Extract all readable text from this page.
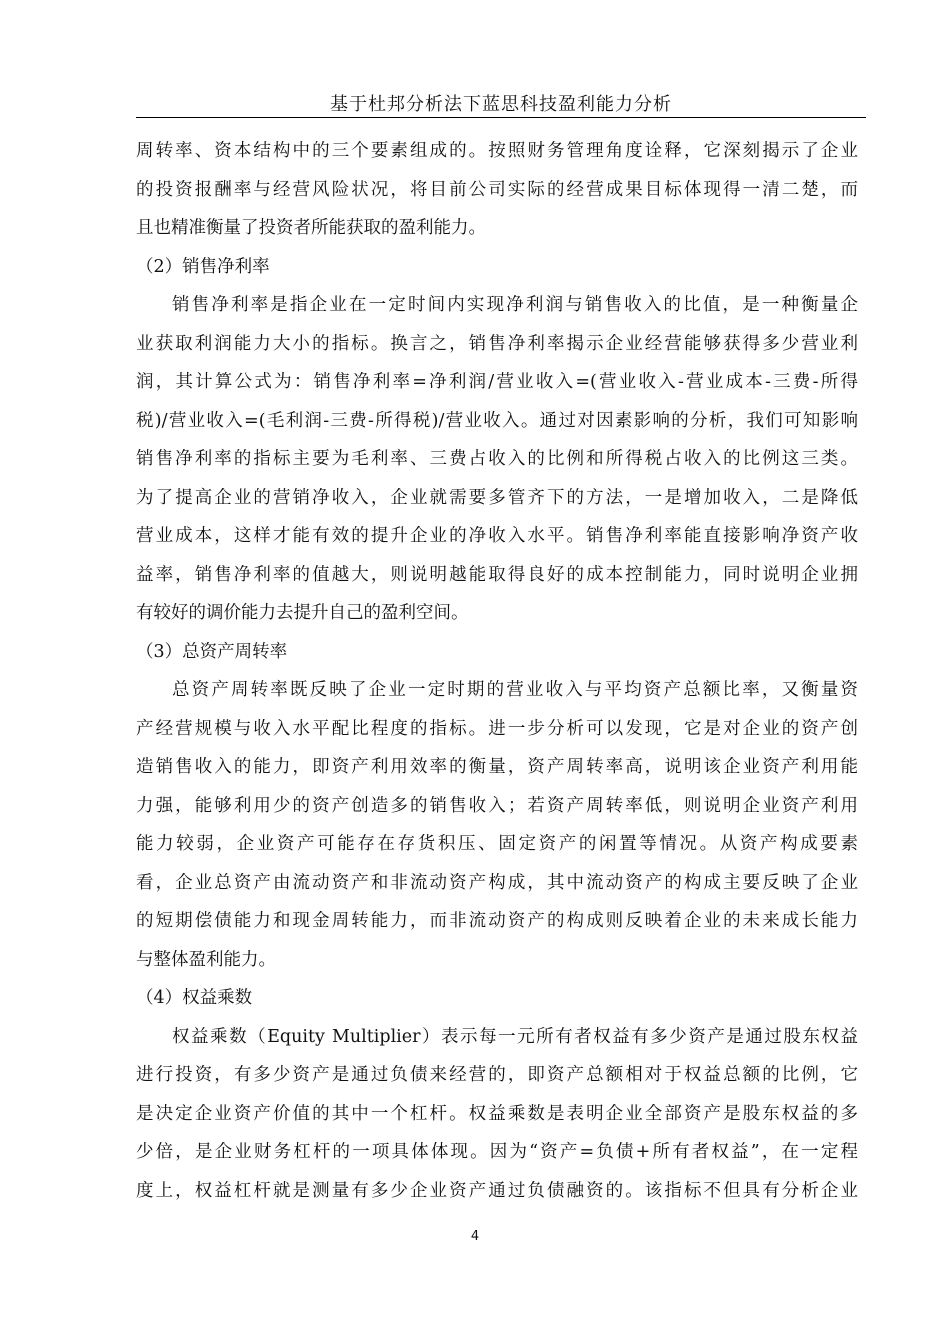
基于杜邦分析法下蓝思科技盈利能力分析

周转率、资本结构中的三个要素组成的。按照财务管理角度诠释，它深刻揭示了企业
的投资报酬率与经营风险状况，将目前公司实际的经营成果目标体现得一清二楚，而
且也精准衡量了投资者所能获取的盈利能力。

（2）销售净利率

销售净利率是指企业在一定时间内实现净利润与销售收入的比值，是一种衡量企
业获取利润能力大小的指标。换言之，销售净利率揭示企业经营能够获得多少营业利
润，其计算公式为：销售净利率=净利润/营业收入=(营业收入-营业成本-三费-所得
税)/营业收入=(毛利润-三费-所得税)/营业收入。通过对因素影响的分析，我们可知影响
销售净利率的指标主要为毛利率、三费占收入的比例和所得税占收入的比例这三类。
为了提高企业的营销净收入，企业就需要多管齐下的方法，一是增加收入，二是降低
营业成本，这样才能有效的提升企业的净收入水平。销售净利率能直接影响净资产收
益率，销售净利率的值越大，则说明越能取得良好的成本控制能力，同时说明企业拥
有较好的调价能力去提升自己的盈利空间。

（3）总资产周转率

总资产周转率既反映了企业一定时期的营业收入与平均资产总额比率，又衡量资
产经营规模与收入水平配比程度的指标。进一步分析可以发现，它是对企业的资产创
造销售收入的能力，即资产利用效率的衡量，资产周转率高，说明该企业资产利用能
力强，能够利用少的资产创造多的销售收入；若资产周转率低，则说明企业资产利用
能力较弱，企业资产可能存在存货积压、固定资产的闲置等情况。从资产构成要素
看，企业总资产由流动资产和非流动资产构成，其中流动资产的构成主要反映了企业
的短期偿债能力和现金周转能力，而非流动资产的构成则反映着企业的未来成长能力
与整体盈利能力。

（4）权益乘数

权益乘数（Equity Multiplier）表示每一元所有者权益有多少资产是通过股东权益
进行投资，有多少资产是通过负债来经营的，即资产总额相对于权益总额的比例，它
是决定企业资产价值的其中一个杠杆。权益乘数是表明企业全部资产是股东权益的多
少倍，是企业财务杠杆的一项具体体现。因为“资产=负债+所有者权益”，在一定程
度上，权益杠杆就是测量有多少企业资产通过负债融资的。该指标不但具有分析企业

4
